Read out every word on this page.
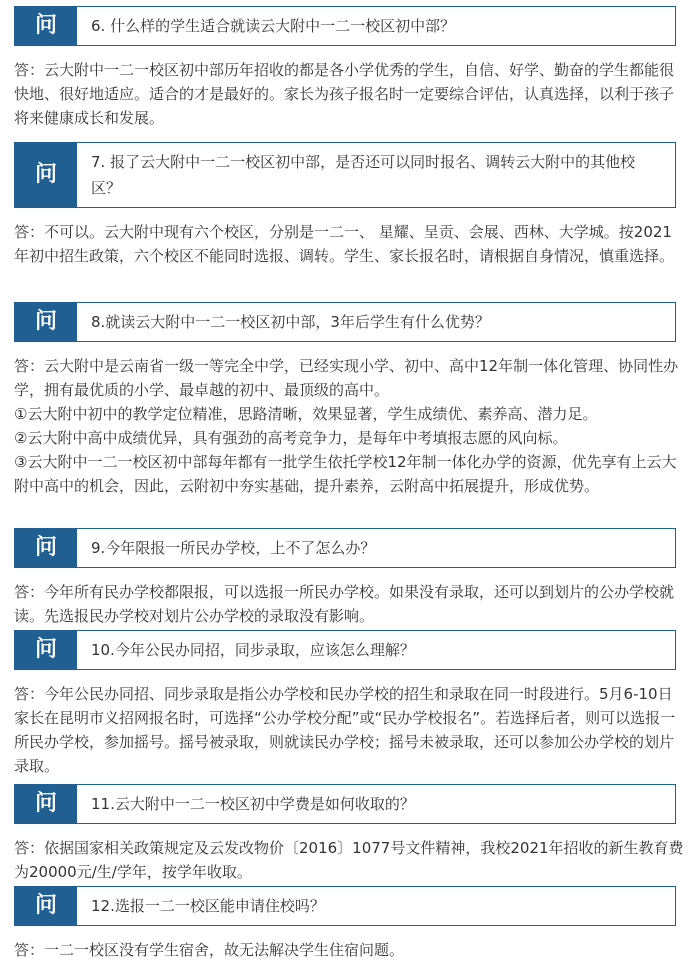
问	6. 什么样的学生适合就读云大附中一二一校区初中部？

答：云大附中一二一校区初中部历年招收的都是各小学优秀的学生，自信、好学、勤奋的学生都能很快地、很好地适应。适合的才是最好的。家长为孩子报名时一定要综合评估，认真选择，以利于孩子将来健康成长和发展。

问	7. 报了云大附中一二一校区初中部，是否还可以同时报名、调转云大附中的其他校区？

答：不可以。云大附中现有六个校区，分别是一二一、 星耀、呈贡、会展、西林、大学城。按2021年初中招生政策，六个校区不能同时选报、调转。学生、家长报名时，请根据自身情况，慎重选择。

问	8.就读云大附中一二一校区初中部，3年后学生有什么优势？

答：云大附中是云南省一级一等完全中学，已经实现小学、初中、高中12年制一体化管理、协同性办学，拥有最优质的小学、最卓越的初中、最顶级的高中。

①云大附中初中的教学定位精准，思路清晰，效果显著，学生成绩优、素养高、潜力足。

②云大附中高中成绩优异，具有强劲的高考竞争力，是每年中考填报志愿的风向标。

③云大附中一二一校区初中部每年都有一批学生依托学校12年制一体化办学的资源，优先享有上云大附中高中的机会，因此，云附初中夯实基础，提升素养，云附高中拓展提升，形成优势。

问	9.今年限报一所民办学校，上不了怎么办？

答：今年所有民办学校都限报，可以选报一所民办学校。如果没有录取，还可以到划片的公办学校就读。先选报民办学校对划片公办学校的录取没有影响。

问	10.今年公民办同招，同步录取，应该怎么理解？

答：今年公民办同招、同步录取是指公办学校和民办学校的招生和录取在同一时段进行。5月6-10日家长在昆明市义招网报名时，可选择“公办学校分配”或“民办学校报名”。若选择后者，则可以选报一所民办学校，参加摇号。摇号被录取，则就读民办学校；摇号未被录取，还可以参加公办学校的划片录取。

问	11.云大附中一二一校区初中学费是如何收取的？

答：依据国家相关政策规定及云发改物价〔2016〕1077号文件精神，我校2021年招收的新生教育费为20000元/生/学年，按学年收取。

问	12.选报一二一校区能申请住校吗？

答：一二一校区没有学生宿舍，故无法解决学生住宿问题。
